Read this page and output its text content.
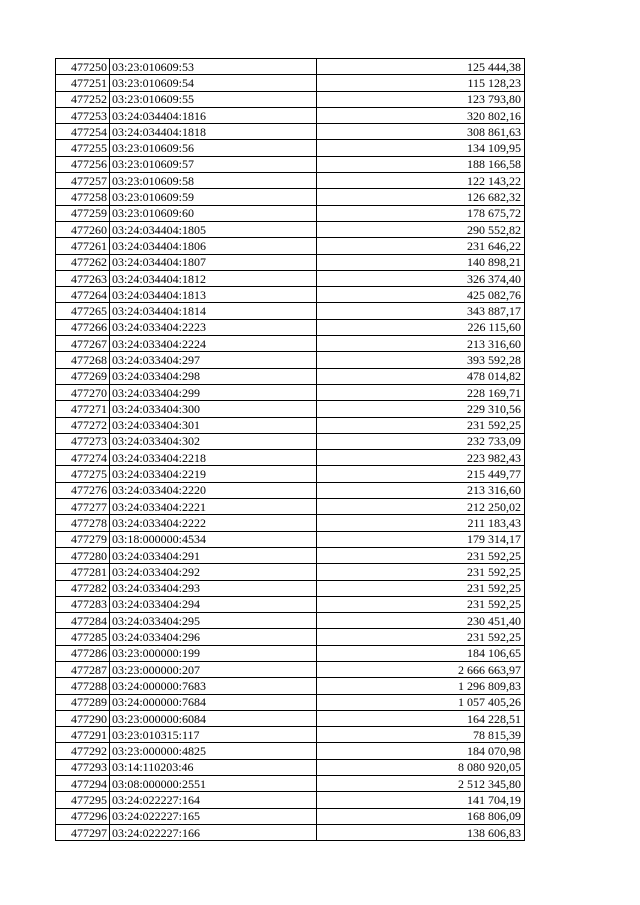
477250	03:23:010609:53	125 444,38
477251	03:23:010609:54	115 128,23
477252	03:23:010609:55	123 793,80
477253	03:24:034404:1816	320 802,16
477254	03:24:034404:1818	308 861,63
477255	03:23:010609:56	134 109,95
477256	03:23:010609:57	188 166,58
477257	03:23:010609:58	122 143,22
477258	03:23:010609:59	126 682,32
477259	03:23:010609:60	178 675,72
477260	03:24:034404:1805	290 552,82
477261	03:24:034404:1806	231 646,22
477262	03:24:034404:1807	140 898,21
477263	03:24:034404:1812	326 374,40
477264	03:24:034404:1813	425 082,76
477265	03:24:034404:1814	343 887,17
477266	03:24:033404:2223	226 115,60
477267	03:24:033404:2224	213 316,60
477268	03:24:033404:297	393 592,28
477269	03:24:033404:298	478 014,82
477270	03:24:033404:299	228 169,71
477271	03:24:033404:300	229 310,56
477272	03:24:033404:301	231 592,25
477273	03:24:033404:302	232 733,09
477274	03:24:033404:2218	223 982,43
477275	03:24:033404:2219	215 449,77
477276	03:24:033404:2220	213 316,60
477277	03:24:033404:2221	212 250,02
477278	03:24:033404:2222	211 183,43
477279	03:18:000000:4534	179 314,17
477280	03:24:033404:291	231 592,25
477281	03:24:033404:292	231 592,25
477282	03:24:033404:293	231 592,25
477283	03:24:033404:294	231 592,25
477284	03:24:033404:295	230 451,40
477285	03:24:033404:296	231 592,25
477286	03:23:000000:199	184 106,65
477287	03:23:000000:207	2 666 663,97
477288	03:24:000000:7683	1 296 809,83
477289	03:24:000000:7684	1 057 405,26
477290	03:23:000000:6084	164 228,51
477291	03:23:010315:117	78 815,39
477292	03:23:000000:4825	184 070,98
477293	03:14:110203:46	8 080 920,05
477294	03:08:000000:2551	2 512 345,80
477295	03:24:022227:164	141 704,19
477296	03:24:022227:165	168 806,09
477297	03:24:022227:166	138 606,83
